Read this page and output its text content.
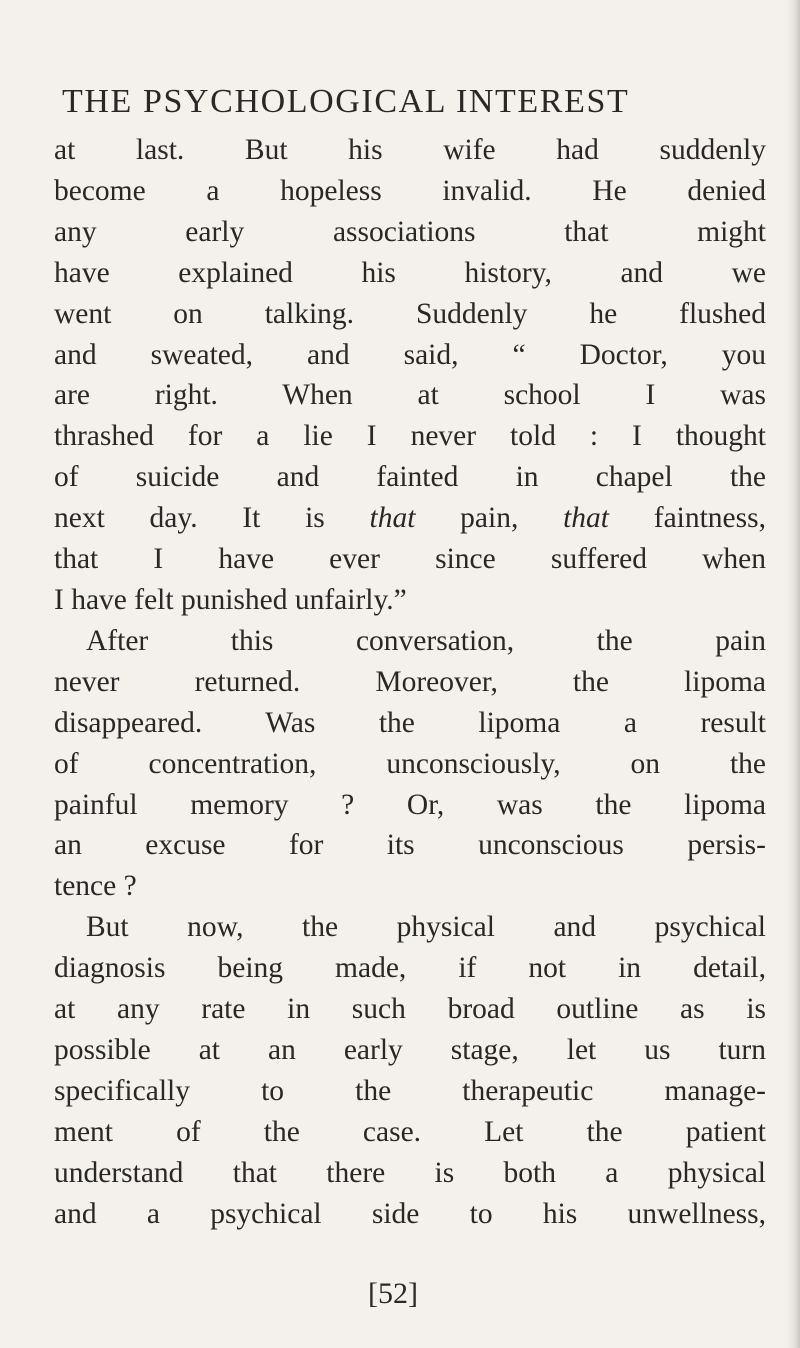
THE PSYCHOLOGICAL INTEREST
at last. But his wife had suddenly
become a hopeless invalid. He denied
any early associations that might
have explained his history, and we
went on talking. Suddenly he flushed
and sweated, and said, “ Doctor, you
are right. When at school I was
thrashed for a lie I never told : I thought
of suicide and fainted in chapel the
next day. It is that pain, that faintness,
that I have ever since suffered when
I have felt punished unfairly.”
After this conversation, the pain
never returned. Moreover, the lipoma
disappeared. Was the lipoma a result
of concentration, unconsciously, on the
painful memory ? Or, was the lipoma
an excuse for its unconscious persis-
tence ?
But now, the physical and psychical
diagnosis being made, if not in detail,
at any rate in such broad outline as is
possible at an early stage, let us turn
specifically to the therapeutic manage-
ment of the case. Let the patient
understand that there is both a physical
and a psychical side to his unwellness,
[52]
